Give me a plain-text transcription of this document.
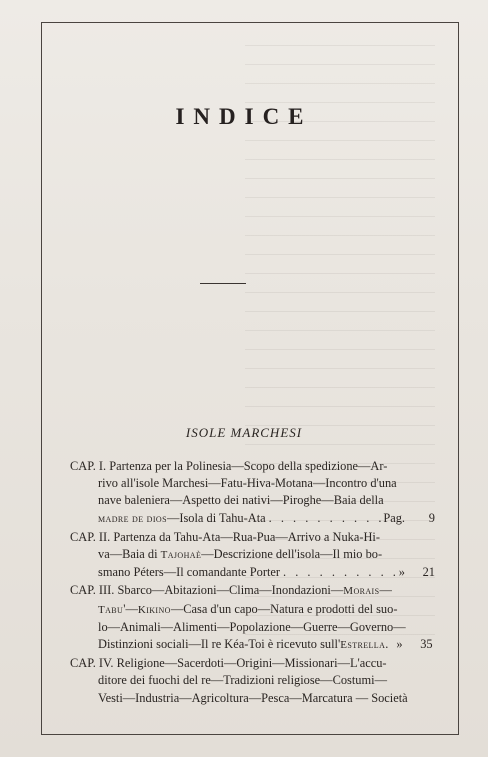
INDICE
ISOLE MARCHESI
CAP. I. Partenza per la Polinesia—Scopo della spedizione—Ar-
rivo all'isole Marchesi—Fatu-Hiva-Motana—Incontro d'una
nave baleniera—Aspetto dei nativi—Piroghe—Baia della
madre de dios—Isola di Tahu-Ata . . .	Pag. 9
CAP. II. Partenza da Tahu-Ata—Rua-Pua—Arrivo a Nuka-Hi-
va—Baia di Tajohaè—Descrizione dell'isola—Il mio bo-
smano Péters—Il comandante Porter . . .	» 21
CAP. III. Sbarco—Abitazioni—Clima—Inondazioni—Morais—
Tabu'—Kikino—Casa d'un capo—Natura e prodotti del suo-
lo—Animali—Alimenti—Popolazione—Guerre—Governo—
Distinzioni sociali—Il re Kéa-Toi è ricevuto sull'Estrella. » 35
CAP. IV. Religione—Sacerdoti—Origini—Missionari—L'accu-
ditore dei fuochi del re—Tradizioni religiose—Costumi—
Vesti—Industria—Agricoltura—Pesca—Marcatura — Società
